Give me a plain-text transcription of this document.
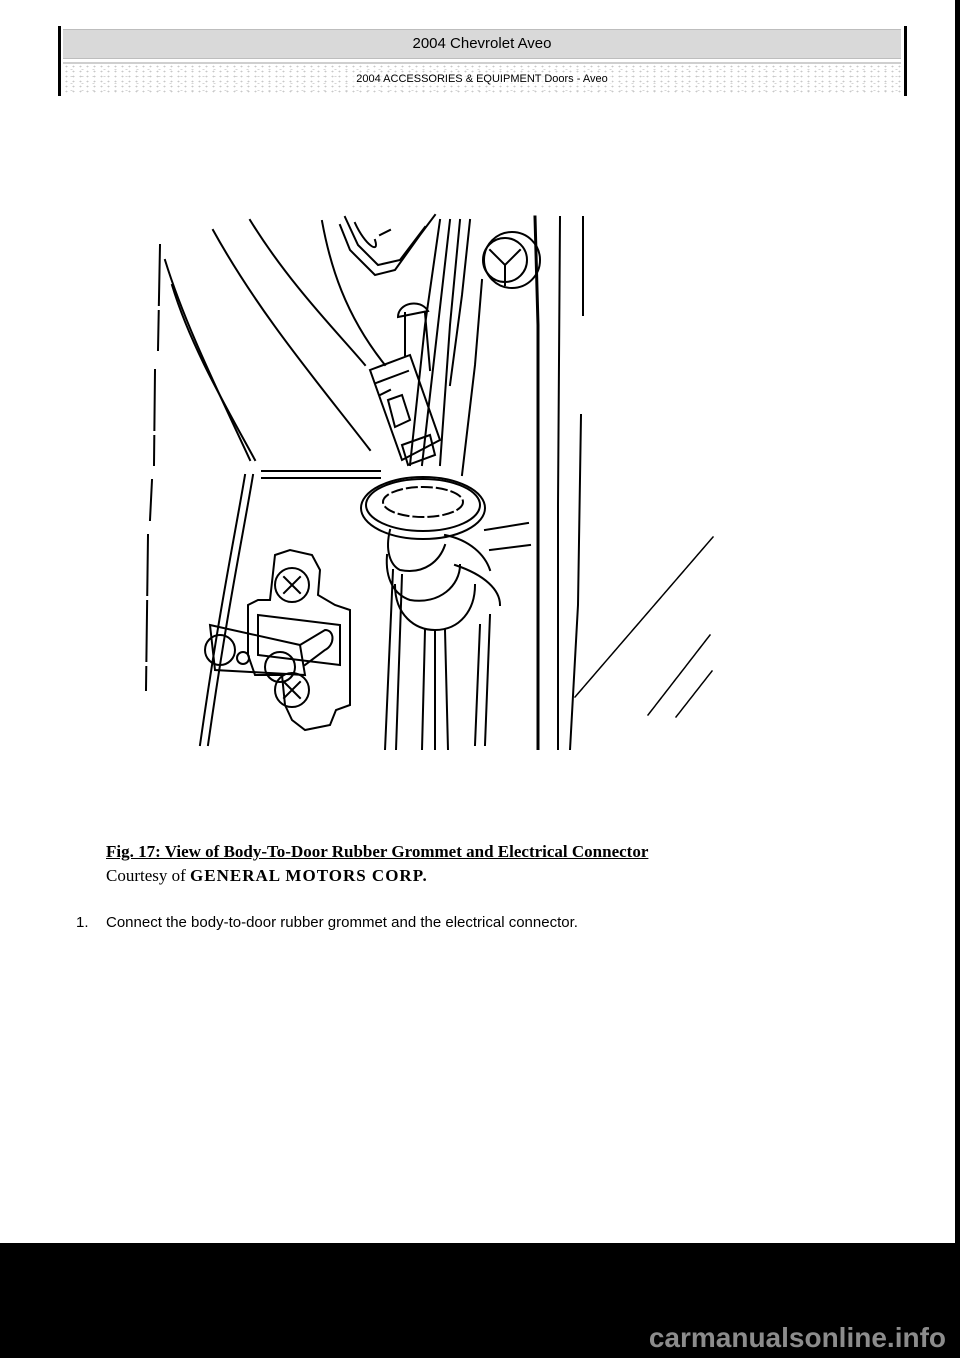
2004 Chevrolet Aveo
2004 ACCESSORIES & EQUIPMENT Doors - Aveo
Fig. 17: View of Body-To-Door Rubber Grommet and Electrical Connector
Courtesy of GENERAL MOTORS CORP.
1. Connect the body-to-door rubber grommet and the electrical connector.
carmanualsonline.info
